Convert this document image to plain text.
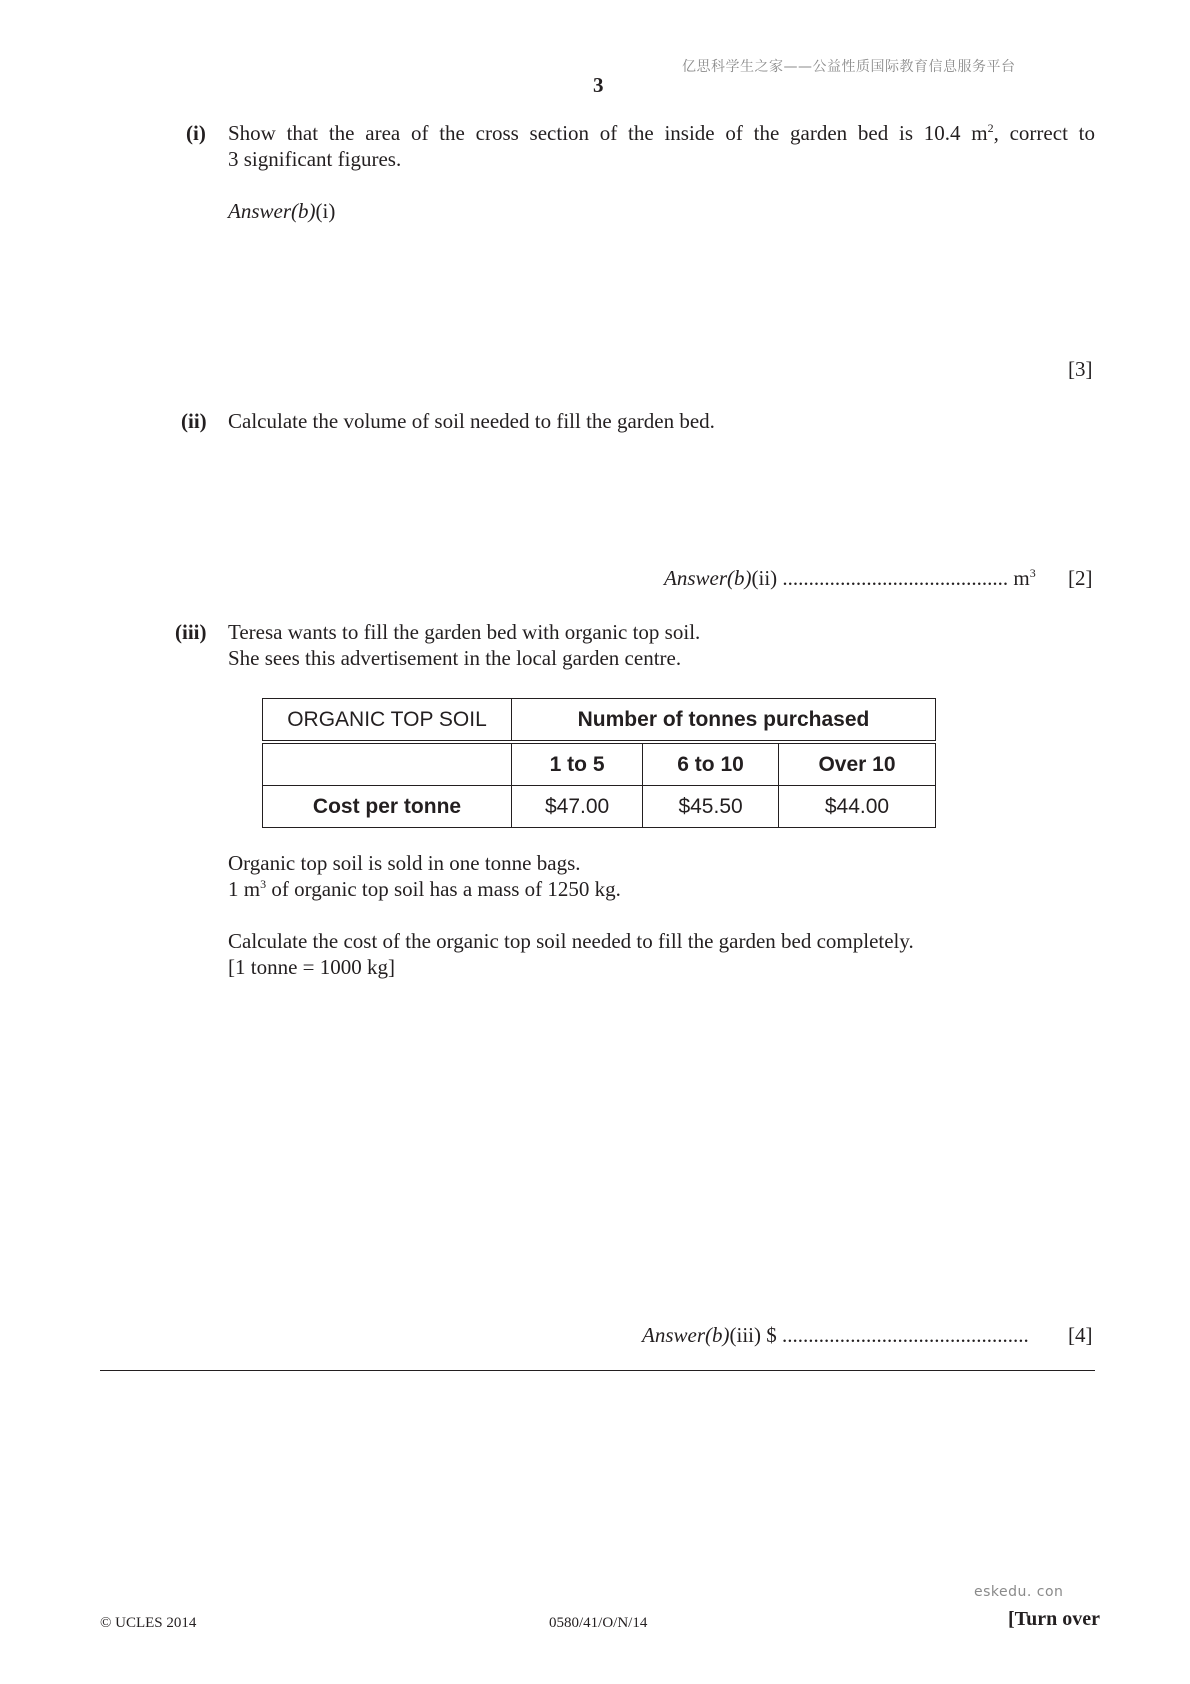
亿思科学生之家——公益性质国际教育信息服务平台
3
(i) Show that the area of the cross section of the inside of the garden bed is 10.4 $m^2$, correct to
3 significant figures.
Answer(b)(i)
[3]
(ii) Calculate the volume of soil needed to fill the garden bed.
Answer(b)(ii) ........................................... $m^3$ [2]
(iii) Teresa wants to fill the garden bed with organic top soil.
She sees this advertisement in the local garden centre.
ORGANIC TOP SOIL	Number of tonnes purchased		
	1 to 5	6 to 10	Over 10
Cost per tonne	$47.00	$45.50	$44.00
Organic top soil is sold in one tonne bags.
1 $m^3$ of organic top soil has a mass of 1250 kg.
Calculate the cost of the organic top soil needed to fill the garden bed completely.
[1 tonne = 1000 kg]
Answer(b)(iii) $ ............................................... [4]
eskedu. con
© UCLES 2014	0580/41/O/N/14	[Turn over
